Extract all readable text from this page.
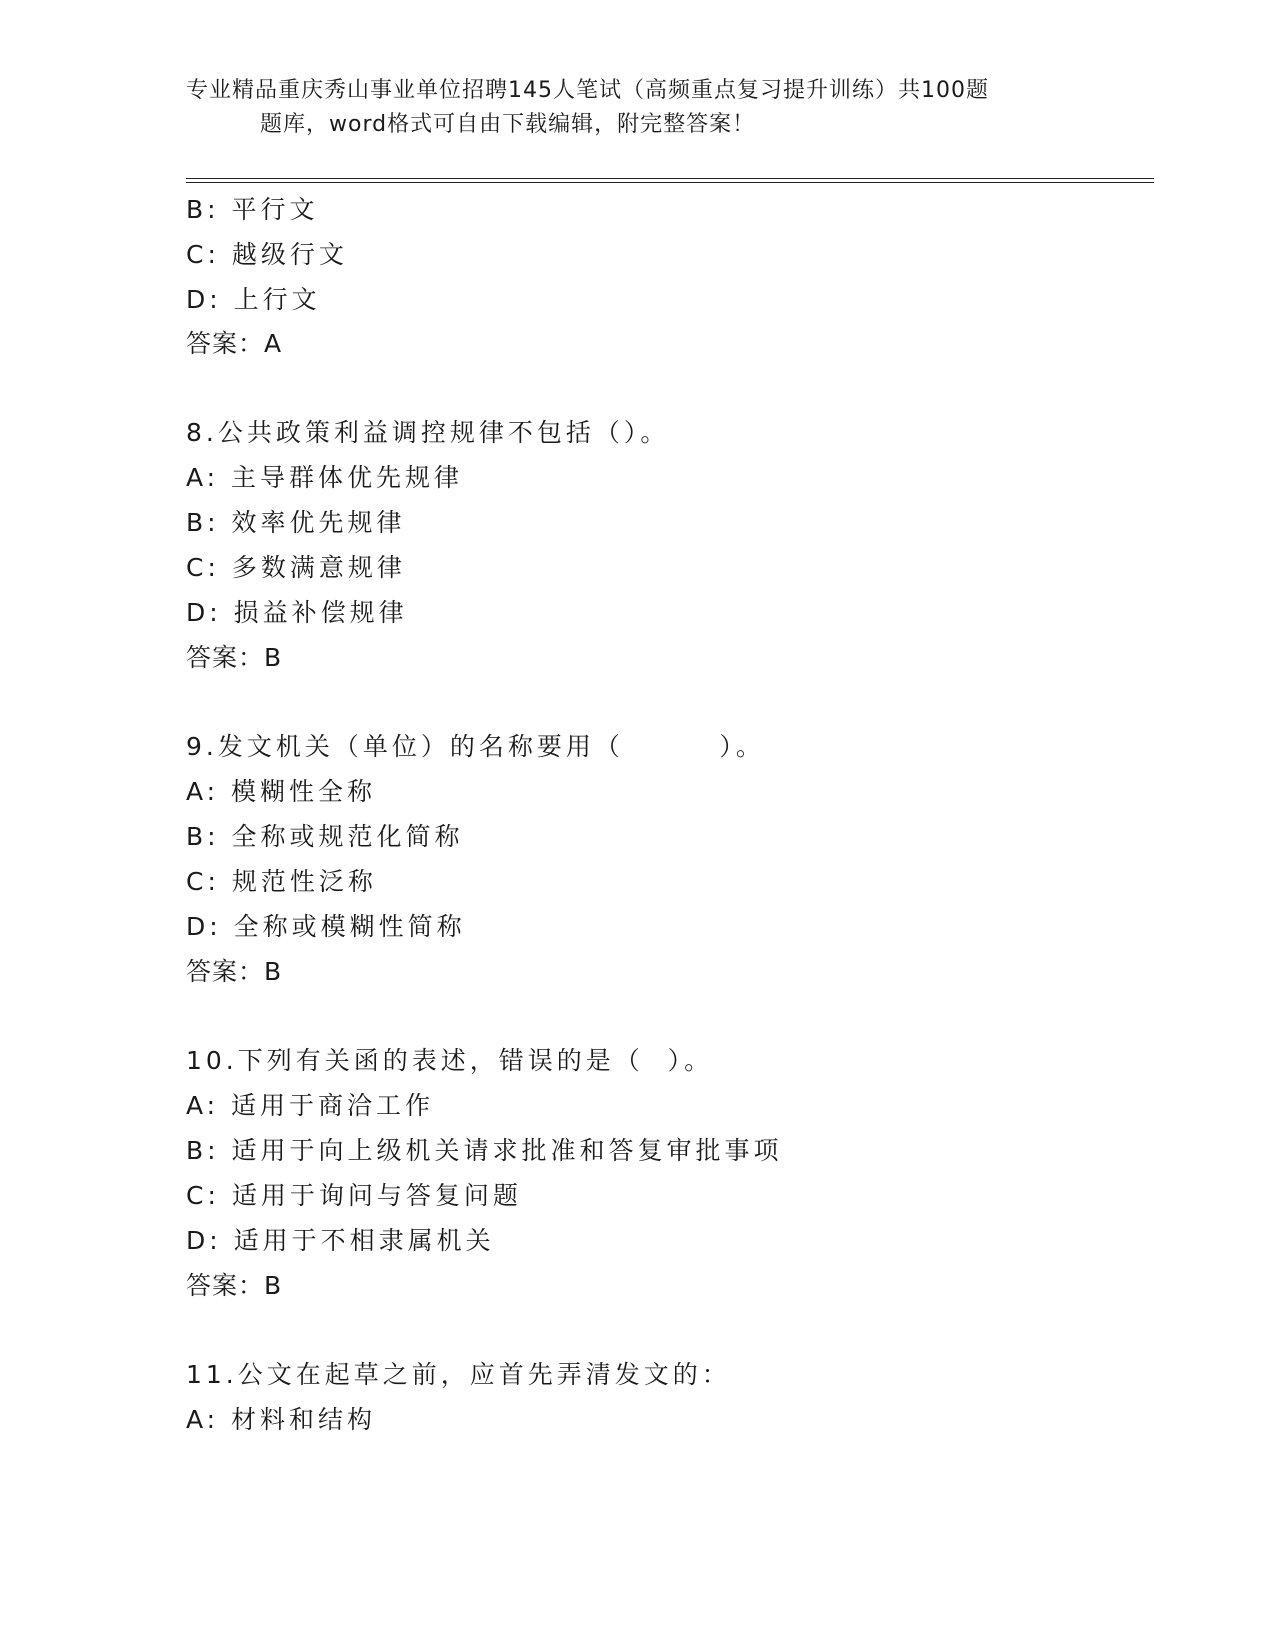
专业精品重庆秀山事业单位招聘145人笔试（高频重点复习提升训练）共100题
题库，word格式可自由下载编辑，附完整答案！
B: 平行文
C: 越级行文
D: 上行文
答案：A
8.公共政策利益调控规律不包括（）。
A: 主导群体优先规律
B: 效率优先规律
C: 多数满意规律
D: 损益补偿规律
答案：B
9.发文机关（单位）的名称要用（        ）。
A: 模糊性全称
B: 全称或规范化简称
C: 规范性泛称
D: 全称或模糊性简称
答案：B
10.下列有关函的表述，错误的是（  ）。
A: 适用于商洽工作
B: 适用于向上级机关请求批准和答复审批事项
C: 适用于询问与答复问题
D: 适用于不相隶属机关
答案：B
11.公文在起草之前，应首先弄清发文的：
A: 材料和结构
